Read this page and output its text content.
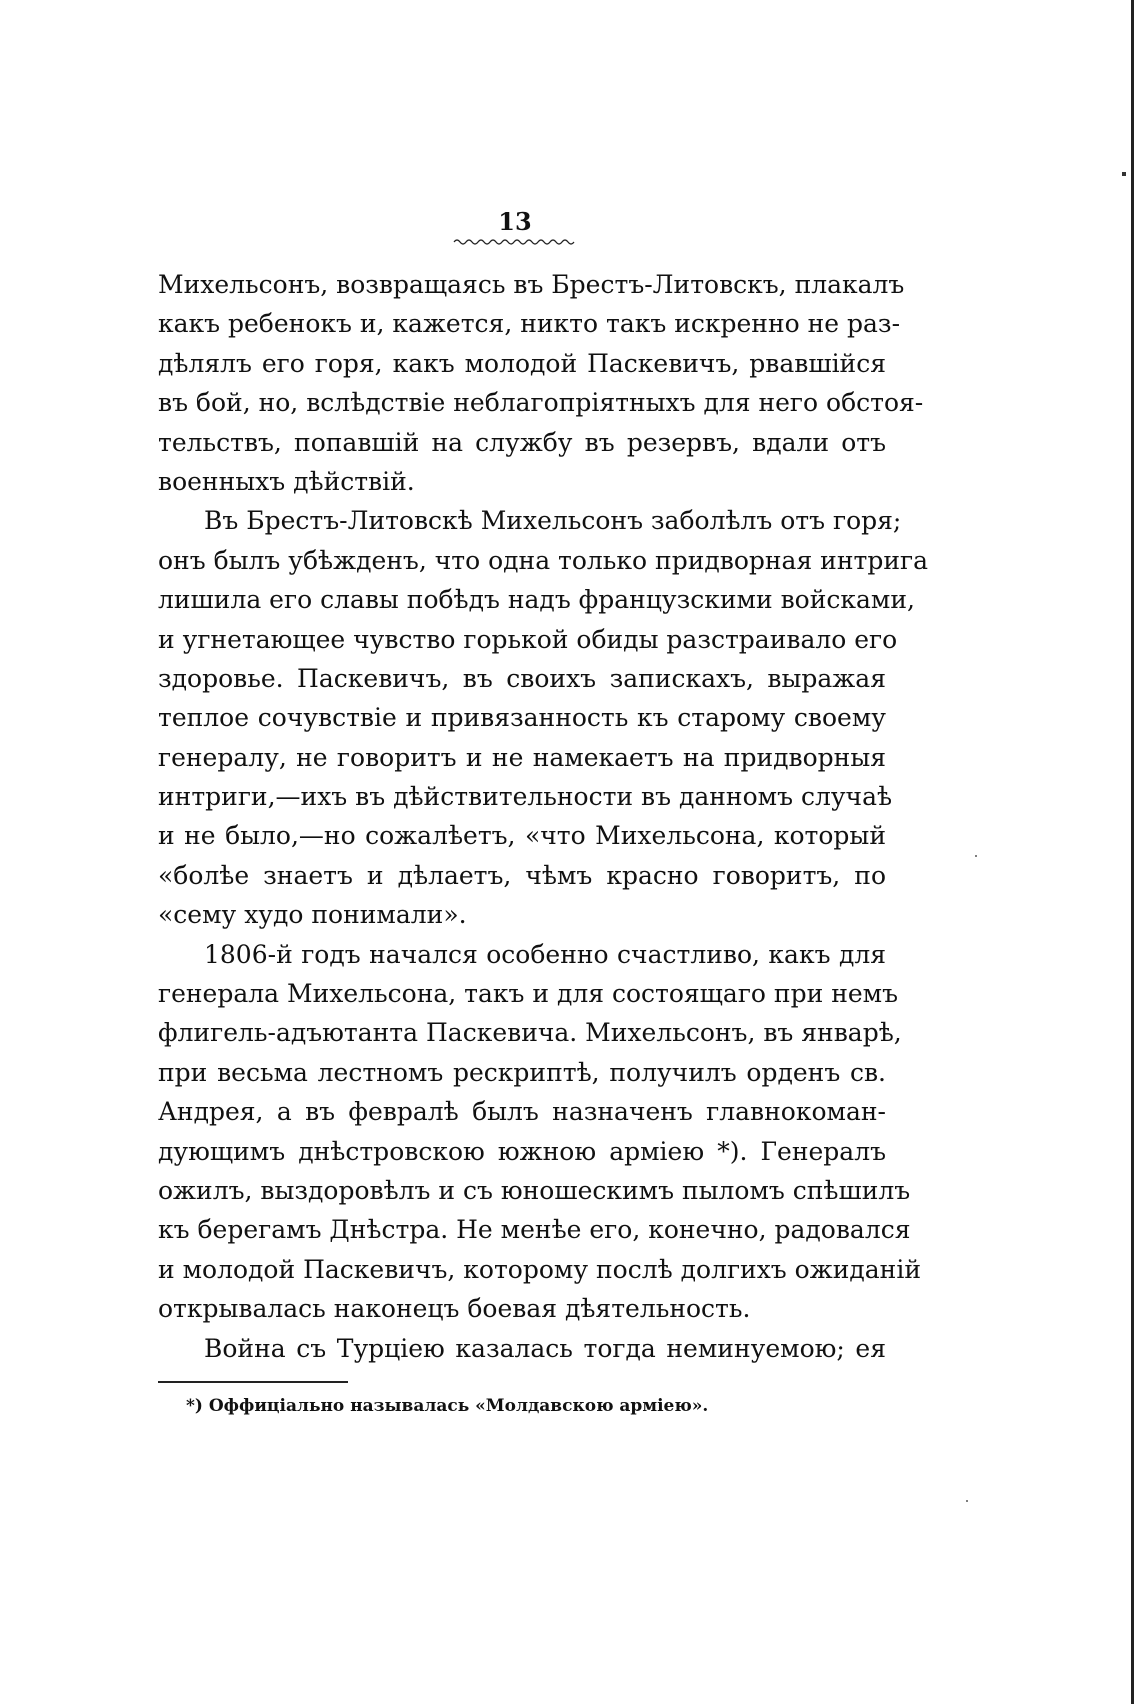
13
Михельсонъ, возвращаясь въ Брестъ-Литовскъ, плакалъ
какъ ребенокъ и, кажется, никто такъ искренно не раз-
дѣлялъ его горя, какъ молодой Паскевичъ, рвавшійся
въ бой, но, вслѣдствіе неблагопріятныхъ для него обстоя-
тельствъ, попавшій на службу въ резервъ, вдали отъ
военныхъ дѣйствій.
Въ Брестъ-Литовскѣ Михельсонъ заболѣлъ отъ горя;
онъ былъ убѣжденъ, что одна только придворная интрига
лишила его славы побѣдъ надъ французскими войсками,
и угнетающее чувство горькой обиды разстраивало его
здоровье. Паскевичъ, въ своихъ запискахъ, выражая
теплое сочувствіе и привязанность къ старому своему
генералу, не говоритъ и не намекаетъ на придворныя
интриги,—ихъ въ дѣйствительности въ данномъ случаѣ
и не было,—но сожалѣетъ, «что Михельсона, который
«болѣе знаетъ и дѣлаетъ, чѣмъ красно говоритъ, по
«сему худо понимали».
1806-й годъ начался особенно счастливо, какъ для
генерала Михельсона, такъ и для состоящаго при немъ
флигель-адъютанта Паскевича. Михельсонъ, въ январѣ,
при весьма лестномъ рескриптѣ, получилъ орденъ св.
Андрея, а въ февралѣ былъ назначенъ главнокоман-
дующимъ днѣстровскою южною арміею *). Генералъ
ожилъ, выздоровѣлъ и съ юношескимъ пыломъ спѣшилъ
къ берегамъ Днѣстра. Не менѣе его, конечно, радовался
и молодой Паскевичъ, которому послѣ долгихъ ожиданій
открывалась наконецъ боевая дѣятельность.
Война съ Турціею казалась тогда неминуемою; ея
*) Оффиціально называлась «Молдавскою арміею».
